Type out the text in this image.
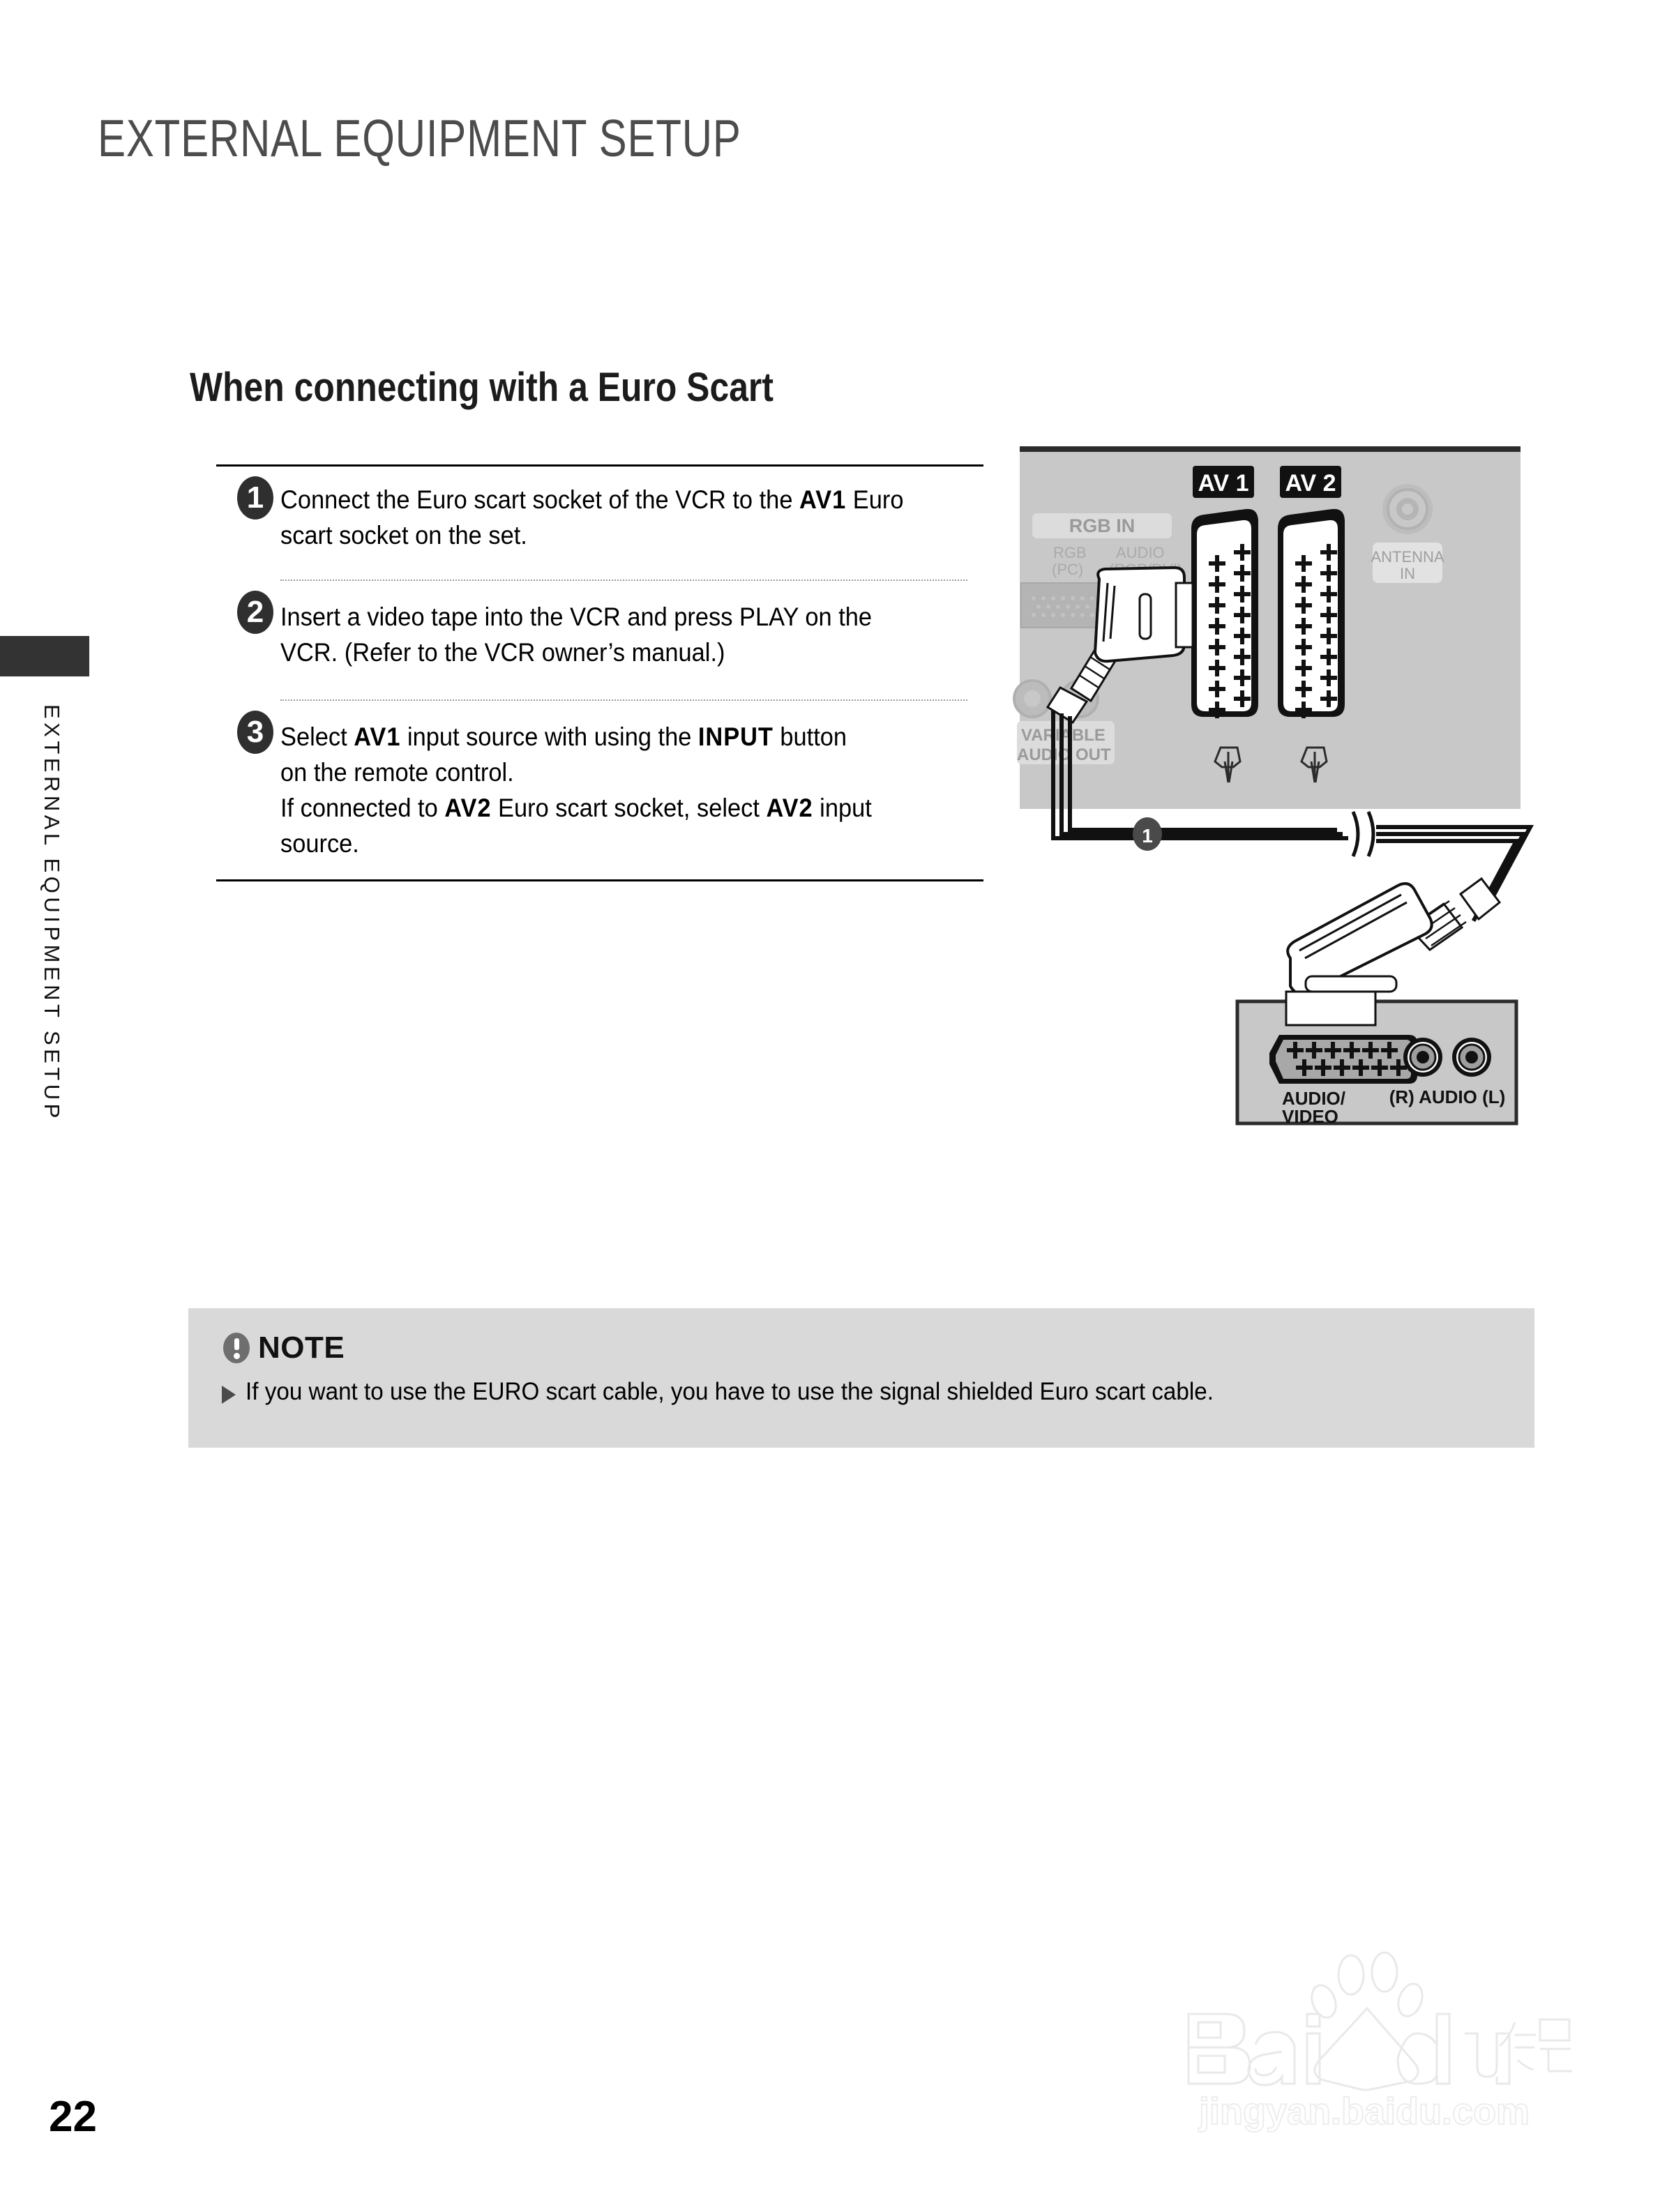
EXTERNAL EQUIPMENT SETUP
EXTERNAL EQUIPMENT SETUP
When connecting with a Euro Scart
1 Connect the Euro scart socket of the VCR to the AV1 Euro

scart socket on the set.

2 Insert a video tape into the VCR and press PLAY on the

VCR. (Refer to the VCR owner’s manual.)

3 Select AV1 input source with using the INPUT button

on the remote control.

If connected to AV2 Euro scart socket, select AV2 input

source.

RGB IN
RGB
(PC)
AUDIO
VARIABLE
AUDIO OUT
AV 1 AV 2
ANTENNA
IN
1
AUDIO/
VIDEO
(R) AUDIO (L)
NOTE
If you want to use the EURO scart cable, you have to use the signal shielded Euro scart cable.
22	jingyan.baidu.com
